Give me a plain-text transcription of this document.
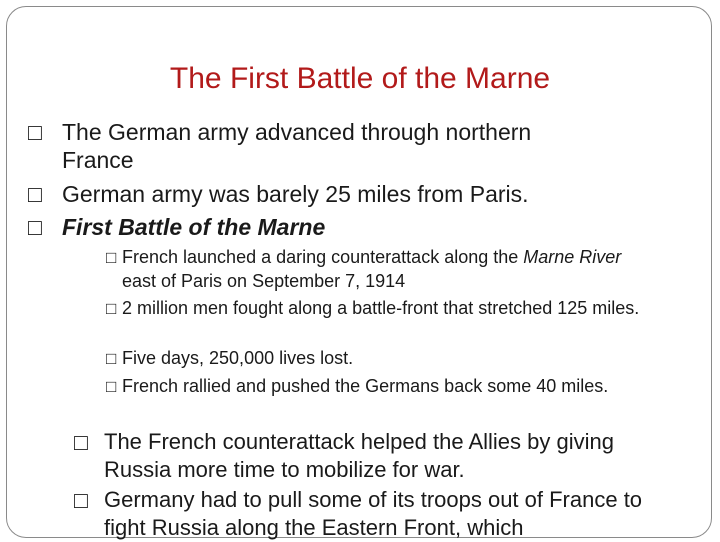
The First Battle of the Marne
□ The German army advanced through northern France
□ German army was barely 25 miles from Paris.
□ First Battle of the Marne
□ French launched a daring counterattack along the Marne River east of Paris on September 7, 1914
□ 2 million men fought along a battle-front that stretched 125 miles.
□ Five days, 250,000 lives lost.
□ French rallied and pushed the Germans back some 40 miles.
□ The French counterattack helped the Allies by giving Russia more time to mobilize for war.
□ Germany had to pull some of its troops out of France to fight Russia along the Eastern Front, which
